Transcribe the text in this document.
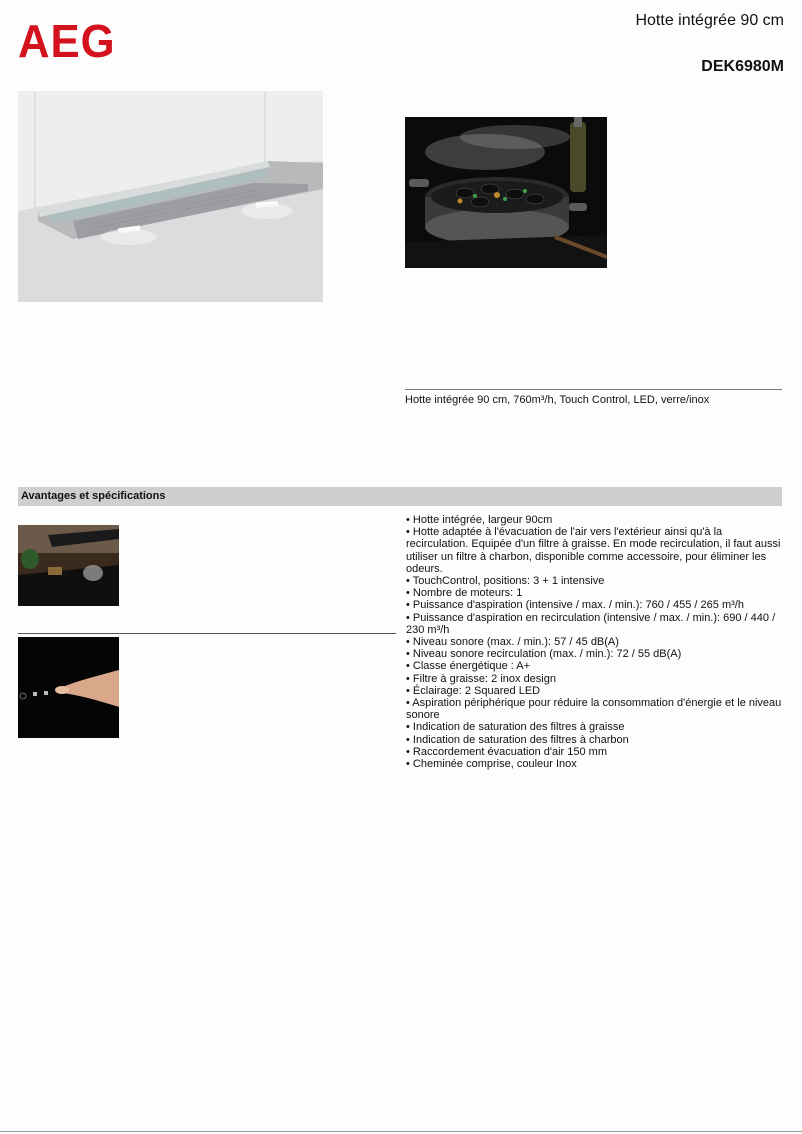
AEG	Hotte intégrée 90 cm
DEK6980M
Hotte intégrée 90 cm, 760m³/h, Touch Control, LED, verre/inox
Avantages et spécifications
• Hotte intégrée, largeur 90cm
• Hotte adaptée à l'évacuation de l'air vers l'extérieur ainsi qu'à la recirculation. Equipée d'un filtre à graisse. En mode recirculation, il faut aussi utiliser un filtre à charbon, disponible comme accessoire, pour éliminer les odeurs.
• TouchControl, positions: 3 + 1 intensive
• Nombre de moteurs: 1
• Puissance d'aspiration (intensive / max. / min.): 760 / 455 / 265 m³/h
• Puissance d'aspiration en recirculation (intensive / max. / min.): 690 / 440 / 230 m³/h
• Niveau sonore (max. / min.): 57 / 45 dB(A)
• Niveau sonore recirculation (max. / min.): 72 / 55 dB(A)
• Classe énergétique : A+
• Filtre à graisse: 2 inox design
• Éclairage: 2 Squared LED
• Aspiration périphérique pour réduire la consommation d'énergie et le niveau sonore
• Indication de saturation des filtres à graisse
• Indication de saturation des filtres à charbon
• Raccordement évacuation d'air 150 mm
• Cheminée comprise, couleur Inox
